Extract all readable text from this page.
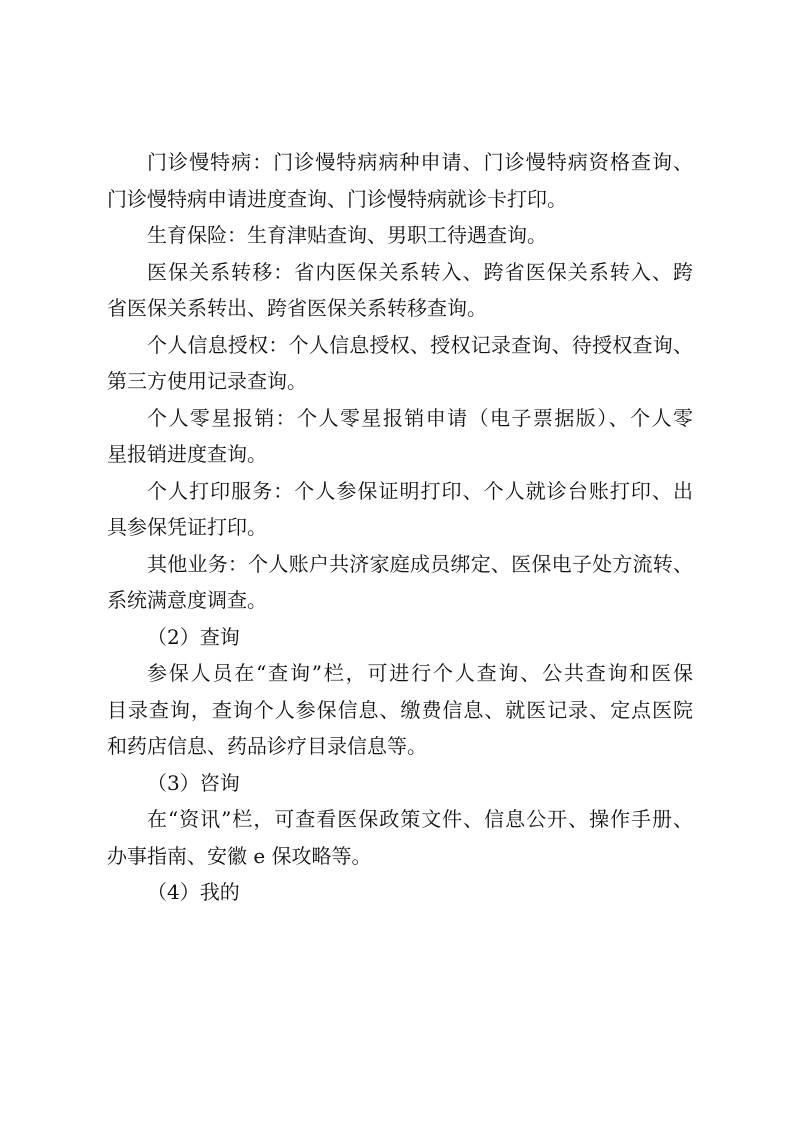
门诊慢特病：门诊慢特病病种申请、门诊慢特病资格查询、
门诊慢特病申请进度查询、门诊慢特病就诊卡打印。

生育保险：生育津贴查询、男职工待遇查询。

医保关系转移：省内医保关系转入、跨省医保关系转入、跨
省医保关系转出、跨省医保关系转移查询。

个人信息授权：个人信息授权、授权记录查询、待授权查询、
第三方使用记录查询。

个人零星报销：个人零星报销申请（电子票据版）、个人零
星报销进度查询。

个人打印服务：个人参保证明打印、个人就诊台账打印、出
具参保凭证打印。

其他业务：个人账户共济家庭成员绑定、医保电子处方流转、
系统满意度调查。

（2）查询

参保人员在“查询”栏，可进行个人查询、公共查询和医保
目录查询，查询个人参保信息、缴费信息、就医记录、定点医院
和药店信息、药品诊疗目录信息等。

（3）咨询

在“资讯”栏，可查看医保政策文件、信息公开、操作手册、
办事指南、安徽 e 保攻略等。

（4）我的
